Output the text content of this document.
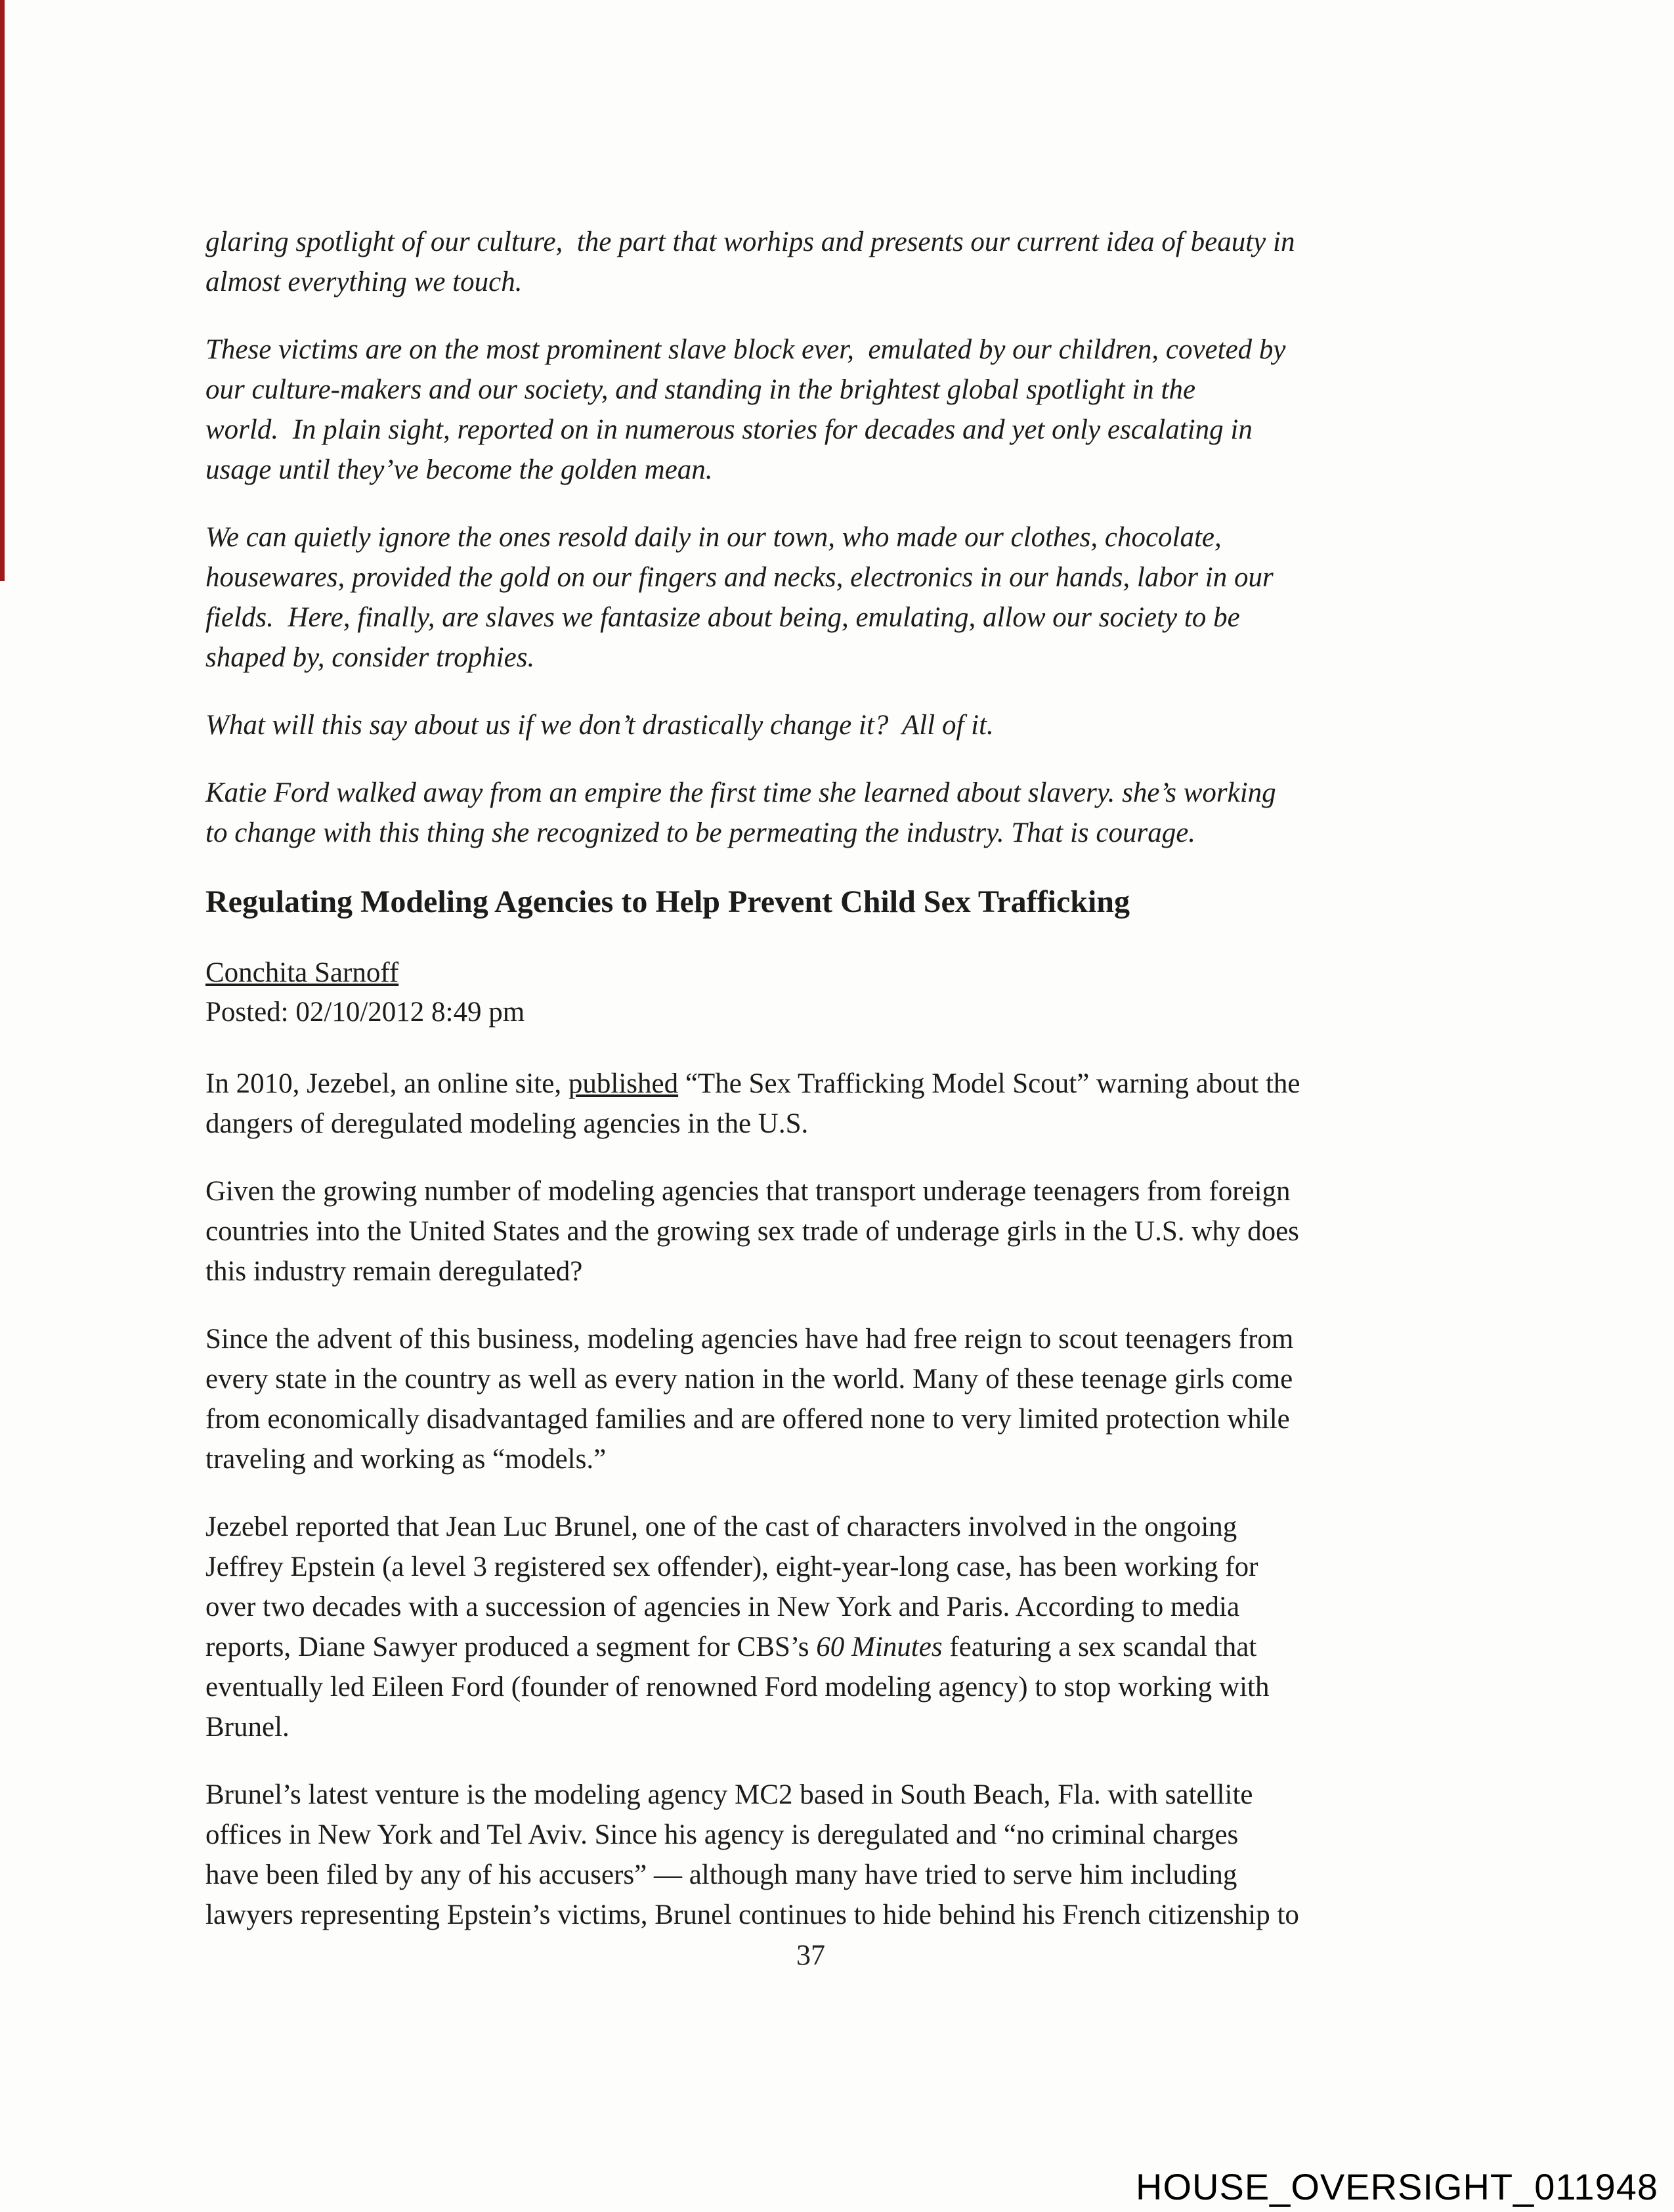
glaring spotlight of our culture,  the part that worhips and presents our current idea of beauty in
almost everything we touch.
These victims are on the most prominent slave block ever,  emulated by our children, coveted by
our culture-makers and our society, and standing in the brightest global spotlight in the
world.  In plain sight, reported on in numerous stories for decades and yet only escalating in
usage until they’ve become the golden mean.
We can quietly ignore the ones resold daily in our town, who made our clothes, chocolate,
housewares, provided the gold on our fingers and necks, electronics in our hands, labor in our
fields.  Here, finally, are slaves we fantasize about being, emulating, allow our society to be
shaped by, consider trophies.
What will this say about us if we don’t drastically change it?  All of it.
Katie Ford walked away from an empire the first time she learned about slavery. she’s working
to change with this thing she recognized to be permeating the industry. That is courage.
Regulating Modeling Agencies to Help Prevent Child Sex Trafficking
Conchita Sarnoff
Posted: 02/10/2012 8:49 pm
In 2010, Jezebel, an online site, published “The Sex Trafficking Model Scout” warning about the
dangers of deregulated modeling agencies in the U.S.
Given the growing number of modeling agencies that transport underage teenagers from foreign
countries into the United States and the growing sex trade of underage girls in the U.S. why does
this industry remain deregulated?
Since the advent of this business, modeling agencies have had free reign to scout teenagers from
every state in the country as well as every nation in the world. Many of these teenage girls come
from economically disadvantaged families and are offered none to very limited protection while
traveling and working as “models.”
Jezebel reported that Jean Luc Brunel, one of the cast of characters involved in the ongoing
Jeffrey Epstein (a level 3 registered sex offender), eight-year-long case, has been working for
over two decades with a succession of agencies in New York and Paris. According to media
reports, Diane Sawyer produced a segment for CBS’s 60 Minutes featuring a sex scandal that
eventually led Eileen Ford (founder of renowned Ford modeling agency) to stop working with
Brunel.
Brunel’s latest venture is the modeling agency MC2 based in South Beach, Fla. with satellite
offices in New York and Tel Aviv. Since his agency is deregulated and “no criminal charges
have been filed by any of his accusers” — although many have tried to serve him including
lawyers representing Epstein’s victims, Brunel continues to hide behind his French citizenship to
37
HOUSE_OVERSIGHT_011948
